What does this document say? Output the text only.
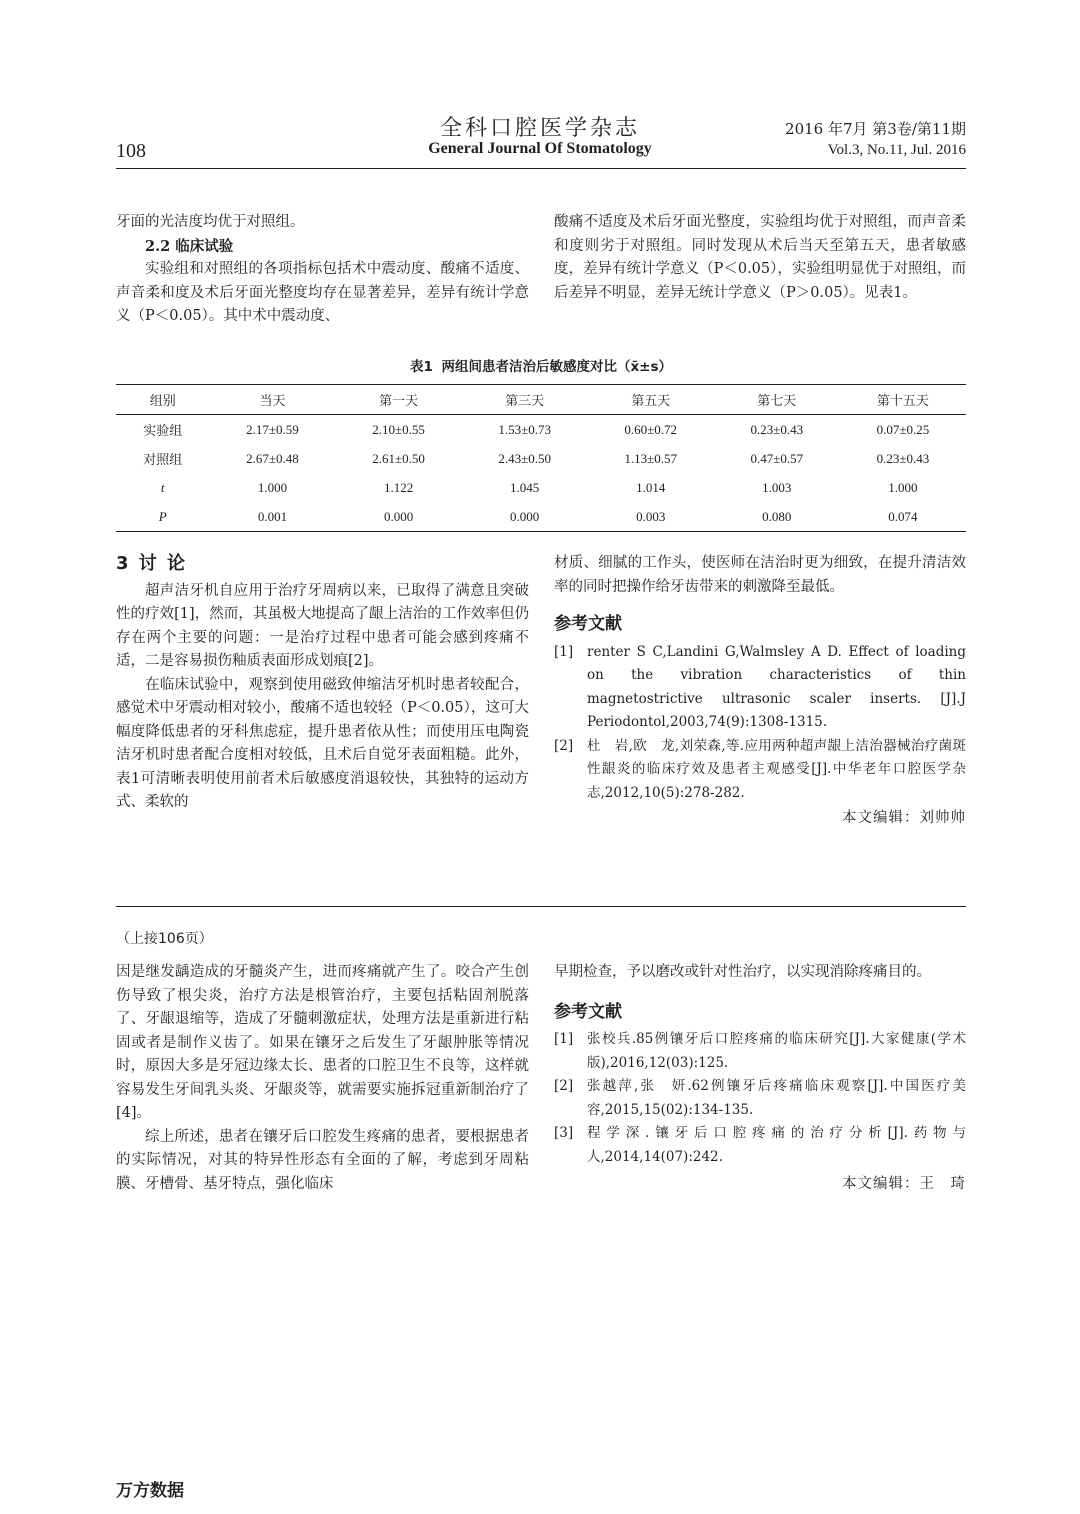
全科口腔医学杂志
108	General Journal Of Stomatology
2016 年7月 第3卷/第11期
Vol.3, No.11, Jul. 2016

牙面的光洁度均优于对照组。

2.2 临床试验

实验组和对照组的各项指标包括术中震动度、酸痛不适度、声音柔和度及术后牙面光整度均存在显著差异，差异有统计学意义（P＜0.05）。其中术中震动度、

酸痛不适度及术后牙面光整度，实验组均优于对照组，而声音柔和度则劣于对照组。同时发现从术后当天至第五天，患者敏感度，差异有统计学意义（P＜0.05），实验组明显优于对照组，而后差异不明显，差异无统计学意义（P＞0.05）。见表1。

表1 两组间患者洁治后敏感度对比（x̄±s）
组别	当天	第一天	第三天	第五天	第七天	第十五天
实验组	2.17±0.59	2.10±0.55	1.53±0.73	0.60±0.72	0.23±0.43	0.07±0.25
对照组	2.67±0.48	2.61±0.50	2.43±0.50	1.13±0.57	0.47±0.57	0.23±0.43
t	1.000	1.122	1.045	1.014	1.003	1.000
P	0.001	0.000	0.000	0.003	0.080	0.074

3 讨 论

超声洁牙机自应用于治疗牙周病以来，已取得了满意且突破性的疗效[1]，然而，其虽极大地提高了龈上洁治的工作效率但仍存在两个主要的问题：一是治疗过程中患者可能会感到疼痛不适，二是容易损伤釉质表面形成划痕[2]。

在临床试验中，观察到使用磁致伸缩洁牙机时患者较配合，感觉术中牙震动相对较小，酸痛不适也较轻（P＜0.05），这可大幅度降低患者的牙科焦虑症，提升患者依从性；而使用压电陶瓷洁牙机时患者配合度相对较低，且术后自觉牙表面粗糙。此外，表1可清晰表明使用前者术后敏感度消退较快，其独特的运动方式、柔软的

材质、细腻的工作头，使医师在洁治时更为细致，在提升清洁效率的同时把操作给牙齿带来的刺激降至最低。

参考文献

[1]	renter S C,Landini G,Walmsley A D. Effect of loading on the vibration characteristics of thin magnetostrictive ultrasonic scaler inserts. [J].J Periodontol,2003,74(9):1308-1315.
[2]	杜　岩,欧　龙,刘荣森,等.应用两种超声龈上洁治器械治疗菌斑性龈炎的临床疗效及患者主观感受[J].中华老年口腔医学杂志,2012,10(5):278-282.

本文编辑：刘帅帅

（上接106页）

因是继发龋造成的牙髓炎产生，进而疼痛就产生了。咬合产生创伤导致了根尖炎，治疗方法是根管治疗，主要包括粘固剂脱落了、牙龈退缩等，造成了牙髓刺激症状，处理方法是重新进行粘固或者是制作义齿了。如果在镶牙之后发生了牙龈肿胀等情况时，原因大多是牙冠边缘太长、患者的口腔卫生不良等，这样就容易发生牙间乳头炎、牙龈炎等，就需要实施拆冠重新制治疗了[4]。

综上所述，患者在镶牙后口腔发生疼痛的患者，要根据患者的实际情况，对其的特异性形态有全面的了解，考虑到牙周粘膜、牙槽骨、基牙特点，强化临床

早期检查，予以磨改或针对性治疗，以实现消除疼痛目的。

参考文献

[1]	张校兵.85例镶牙后口腔疼痛的临床研究[J].大家健康(学术版),2016,12(03):125.
[2]	张越萍,张　妍.62例镶牙后疼痛临床观察[J].中国医疗美容,2015,15(02):134-135.
[3]	程学深.镶牙后口腔疼痛的治疗分析[J].药物与人,2014,14(07):242.

本文编辑：王　琦

万方数据
